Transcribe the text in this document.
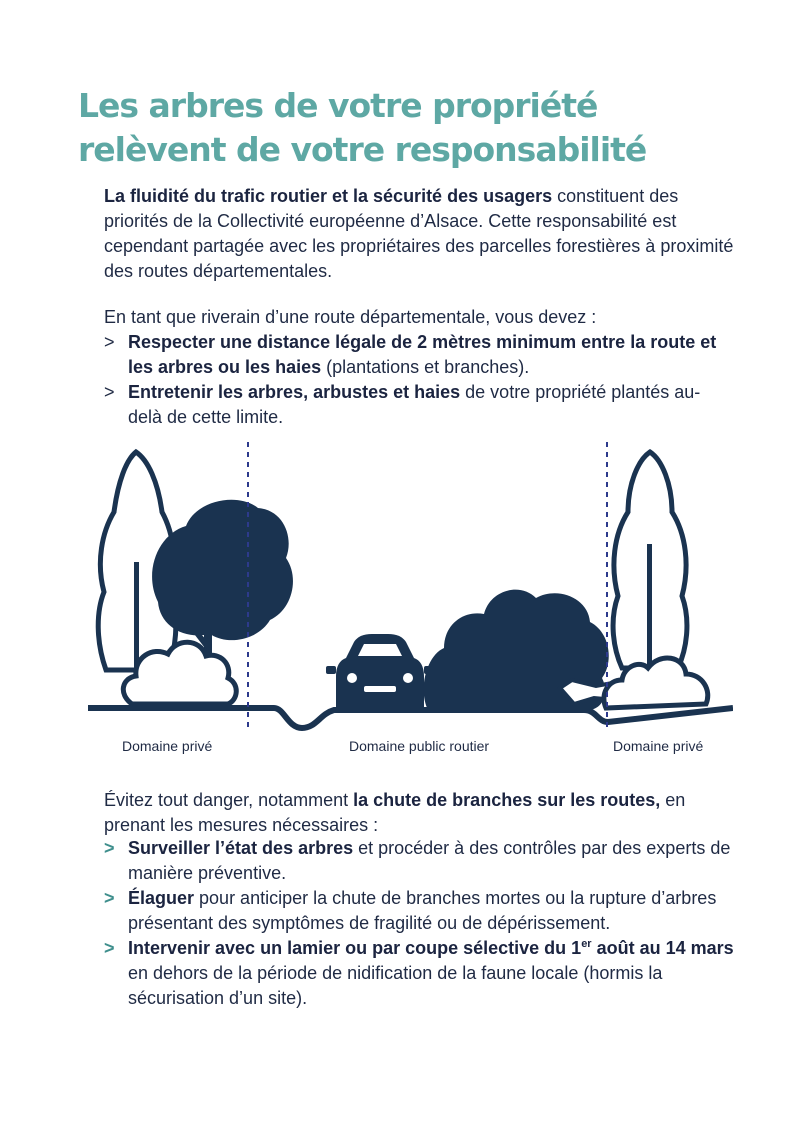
Les arbres de votre propriété
relèvent de votre responsabilité

La fluidité du trafic routier et la sécurité des usagers constituent des priorités de la Collectivité européenne d’Alsace. Cette responsabilité est cependant partagée avec les propriétaires des parcelles forestières à proximité des routes départementales.

En tant que riverain d’une route départementale, vous devez :

> Respecter une distance légale de 2 mètres minimum entre la route et les arbres ou les haies (plantations et branches).
> Entretenir les arbres, arbustes et haies de votre propriété plantés au-delà de cette limite.
Domaine privé	Domaine public routier	Domaine privé

Évitez tout danger, notamment la chute de branches sur les routes, en prenant les mesures nécessaires :

> Surveiller l’état des arbres et procéder à des contrôles par des experts de manière préventive.
> Élaguer pour anticiper la chute de branches mortes ou la rupture d’arbres présentant des symptômes de fragilité ou de dépérissement.
> Intervenir avec un lamier ou par coupe sélective du 1er août au 14 mars en dehors de la période de nidification de la faune locale (hormis la sécurisation d’un site).
